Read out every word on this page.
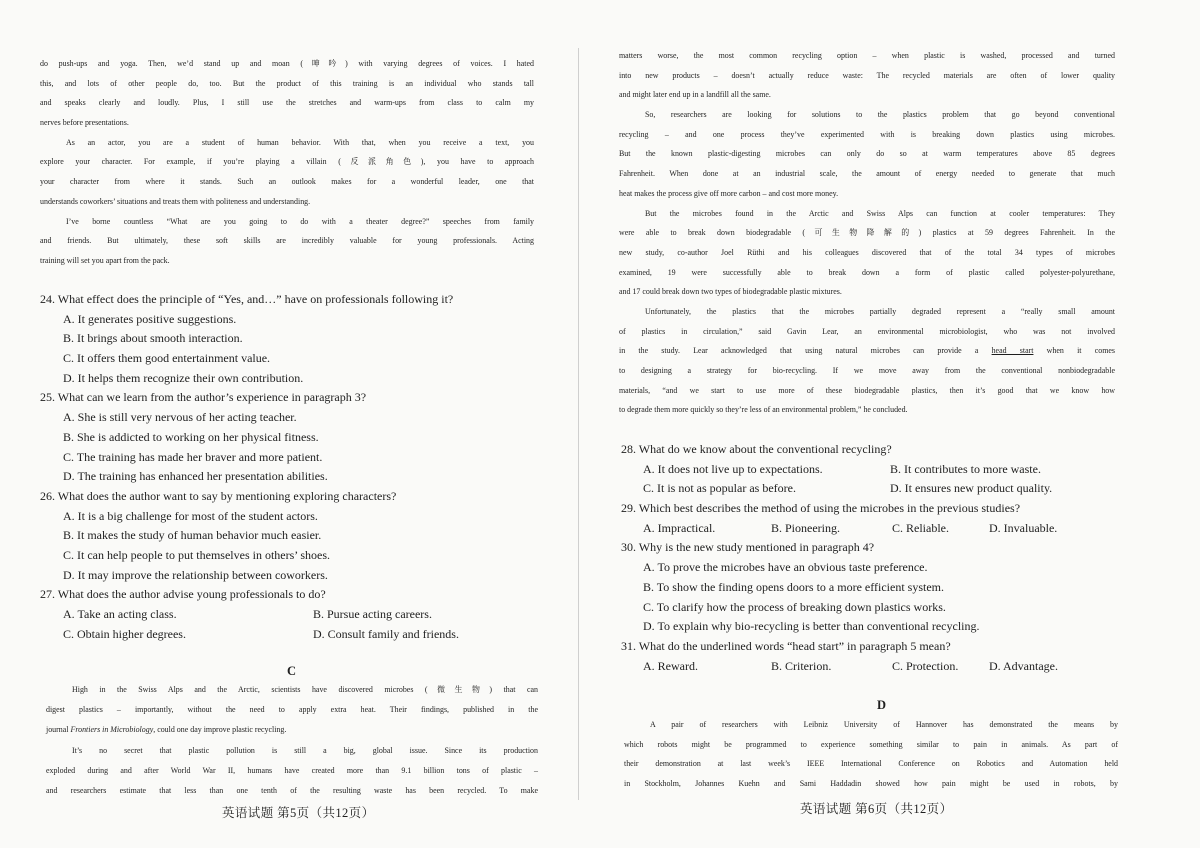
do push-ups and yoga. Then, we’d stand up and moan (呻吟) with varying degrees of voices. I hated
this, and lots of other people do, too. But the product of this training is an individual who stands tall
and speaks clearly and loudly. Plus, I still use the stretches and warm-ups from class to calm my
nerves before presentations.
As an actor, you are a student of human behavior. With that, when you receive a text, you
explore your character. For example, if you’re playing a villain (反派角色), you have to approach
your character from where it stands. Such an outlook makes for a wonderful leader, one that
understands coworkers’ situations and treats them with politeness and understanding.
I’ve borne countless “What are you going to do with a theater degree?” speeches from family
and friends. But ultimately, these soft skills are incredibly valuable for young professionals. Acting
training will set you apart from the pack.
24. What effect does the principle of “Yes, and…” have on professionals following it?
A. It generates positive suggestions.
B. It brings about smooth interaction.
C. It offers them good entertainment value.
D. It helps them recognize their own contribution.
25. What can we learn from the author’s experience in paragraph 3?
A. She is still very nervous of her acting teacher.
B. She is addicted to working on her physical fitness.
C. The training has made her braver and more patient.
D. The training has enhanced her presentation abilities.
26. What does the author want to say by mentioning exploring characters?
A. It is a big challenge for most of the student actors.
B. It makes the study of human behavior much easier.
C. It can help people to put themselves in others’ shoes.
D. It may improve the relationship between coworkers.
27. What does the author advise young professionals to do?
A. Take an acting class.	B. Pursue acting careers.
C. Obtain higher degrees.	D. Consult family and friends.
C
High in the Swiss Alps and the Arctic, scientists have discovered microbes (微生物) that can
digest plastics – importantly, without the need to apply extra heat. Their findings, published in the
journal Frontiers in Microbiology, could one day improve plastic recycling.
It’s no secret that plastic pollution is still a big, global issue. Since its production
exploded during and after World War II, humans have created more than 9.1 billion tons of plastic –
and researchers estimate that less than one tenth of the resulting waste has been recycled. To make
英语试题 第5页（共12页）
matters worse, the most common recycling option – when plastic is washed, processed and turned
into new products – doesn’t actually reduce waste: The recycled materials are often of lower quality
and might later end up in a landfill all the same.
So, researchers are looking for solutions to the plastics problem that go beyond conventional
recycling – and one process they’ve experimented with is breaking down plastics using microbes.
But the known plastic-digesting microbes can only do so at warm temperatures above 85 degrees
Fahrenheit. When done at an industrial scale, the amount of energy needed to generate that much
heat makes the process give off more carbon – and cost more money.
But the microbes found in the Arctic and Swiss Alps can function at cooler temperatures: They
were able to break down biodegradable (可生物降解的) plastics at 59 degrees Fahrenheit. In the
new study, co-author Joel Rüthi and his colleagues discovered that of the total 34 types of microbes
examined, 19 were successfully able to break down a form of plastic called polyester-polyurethane,
and 17 could break down two types of biodegradable plastic mixtures.
Unfortunately, the plastics that the microbes partially degraded represent a “really small amount
of plastics in circulation,” said Gavin Lear, an environmental microbiologist, who was not involved
in the study. Lear acknowledged that using natural microbes can provide a head start when it comes
to designing a strategy for bio-recycling. If we move away from the conventional nonbiodegradable
materials, “and we start to use more of these biodegradable plastics, then it’s good that we know how
to degrade them more quickly so they’re less of an environmental problem,” he concluded.
28. What do we know about the conventional recycling?
A. It does not live up to expectations.	B. It contributes to more waste.
C. It is not as popular as before.	D. It ensures new product quality.
29. Which best describes the method of using the microbes in the previous studies?
A. Impractical.	B. Pioneering.	C. Reliable.	D. Invaluable.
30. Why is the new study mentioned in paragraph 4?
A. To prove the microbes have an obvious taste preference.
B. To show the finding opens doors to a more efficient system.
C. To clarify how the process of breaking down plastics works.
D. To explain why bio-recycling is better than conventional recycling.
31. What do the underlined words “head start” in paragraph 5 mean?
A. Reward.	B. Criterion.	C. Protection.	D. Advantage.
D
A pair of researchers with Leibniz University of Hannover has demonstrated the means by
which robots might be programmed to experience something similar to pain in animals. As part of
their demonstration at last week’s IEEE International Conference on Robotics and Automation held
in Stockholm, Johannes Kuehn and Sami Haddadin showed how pain might be used in robots, by
英语试题 第6页（共12页）
